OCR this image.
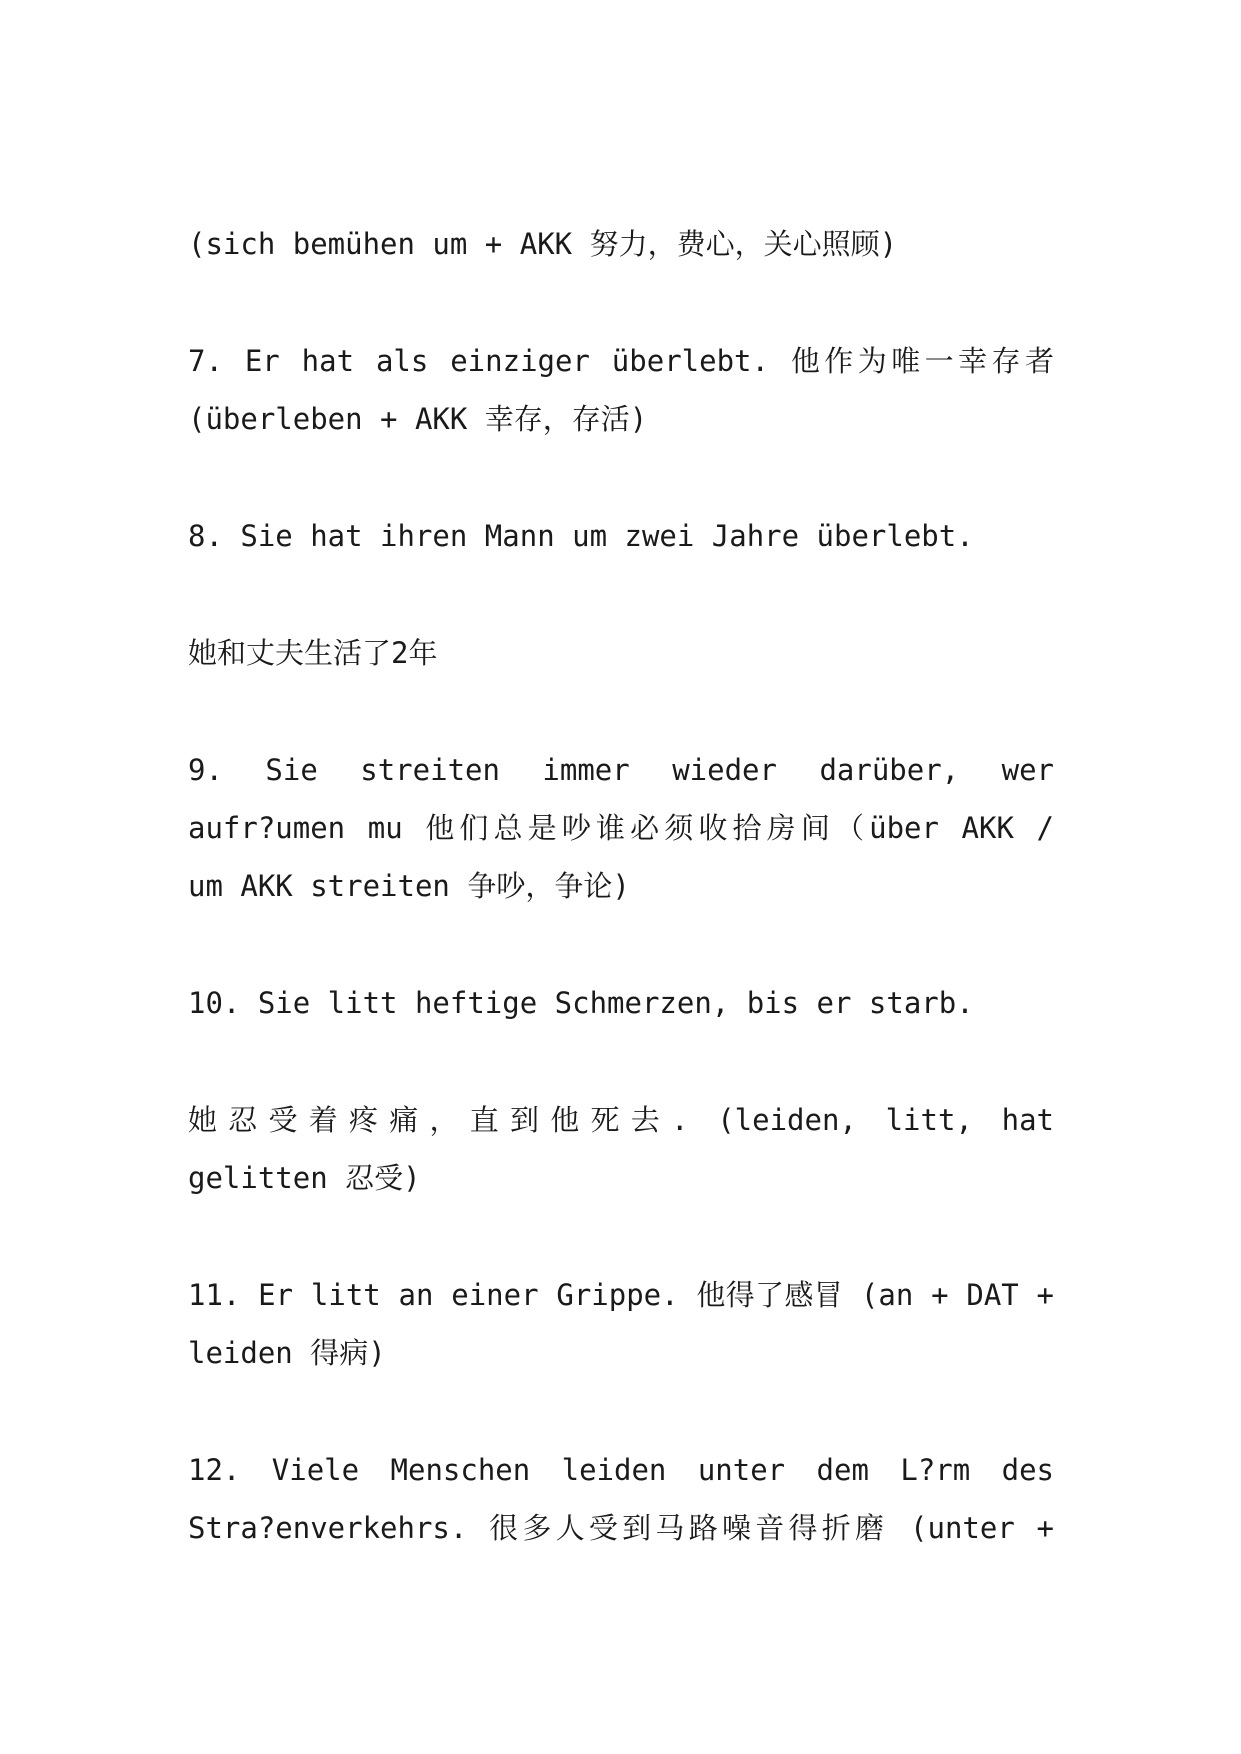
(sich bemühen um + AKK 努力，费心，关心照顾)
7. Er hat als einziger überlebt. 他作为唯一幸存者
(überleben + AKK 幸存，存活)
8. Sie hat ihren Mann um zwei Jahre überlebt.
她和丈夫生活了2年
9. Sie streiten immer wieder darüber, wer
aufr?umen mu 他们总是吵谁必须收拾房间（über AKK /
um AKK streiten 争吵，争论)
10. Sie litt heftige Schmerzen, bis er starb.
她忍受着疼痛，直到他死去. (leiden, litt, hat
gelitten 忍受)
11. Er litt an einer Grippe. 他得了感冒 (an + DAT +
leiden 得病)
12. Viele Menschen leiden unter dem L?rm des
Stra?enverkehrs. 很多人受到马路噪音得折磨 (unter +
